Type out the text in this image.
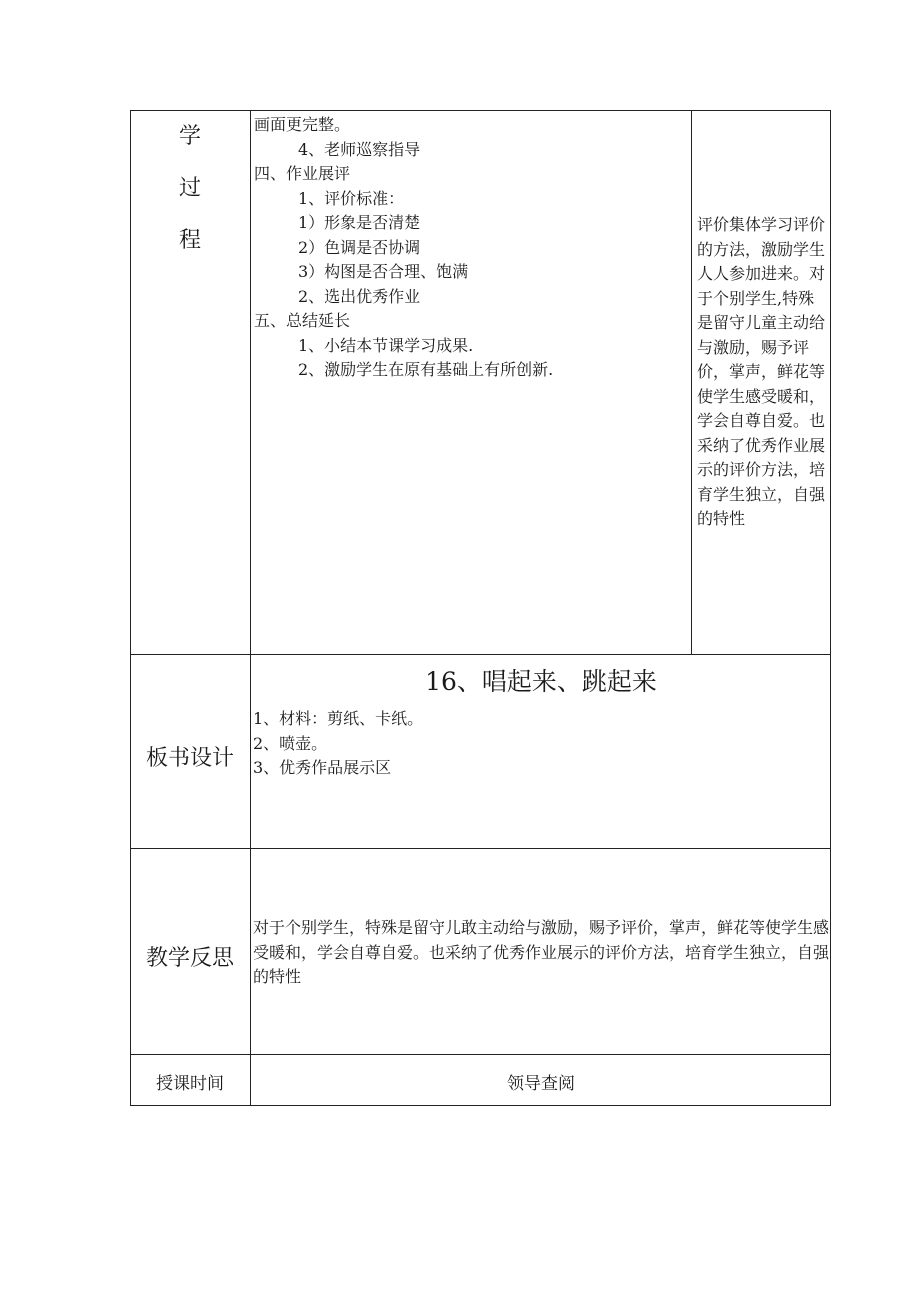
学
过
程
画面更完整。
4、老师巡察指导
四、作业展评
1、评价标准：
1）形象是否清楚
2）色调是否协调
3）构图是否合理、饱满
2、选出优秀作业
五、总结延长
1、小结本节课学习成果.
2、激励学生在原有基础上有所创新.
评价集体学习评价的方法，激励学生人人参加进来。对于个别学生,特殊是留守儿童主动给与激励，赐予评价，掌声，鲜花等使学生感受暖和，学会自尊自爱。也采纳了优秀作业展示的评价方法，培育学生独立，自强的特性
板书设计
16、唱起来、跳起来
1、材料：剪纸、卡纸。
2、喷壶。
3、优秀作品展示区
教学反思
对于个别学生，特殊是留守儿敢主动给与激励，赐予评价，掌声，鲜花等使学生感受暖和，学会自尊自爱。也采纳了优秀作业展示的评价方法，培育学生独立，自强的特性
授课时间	领导查阅
